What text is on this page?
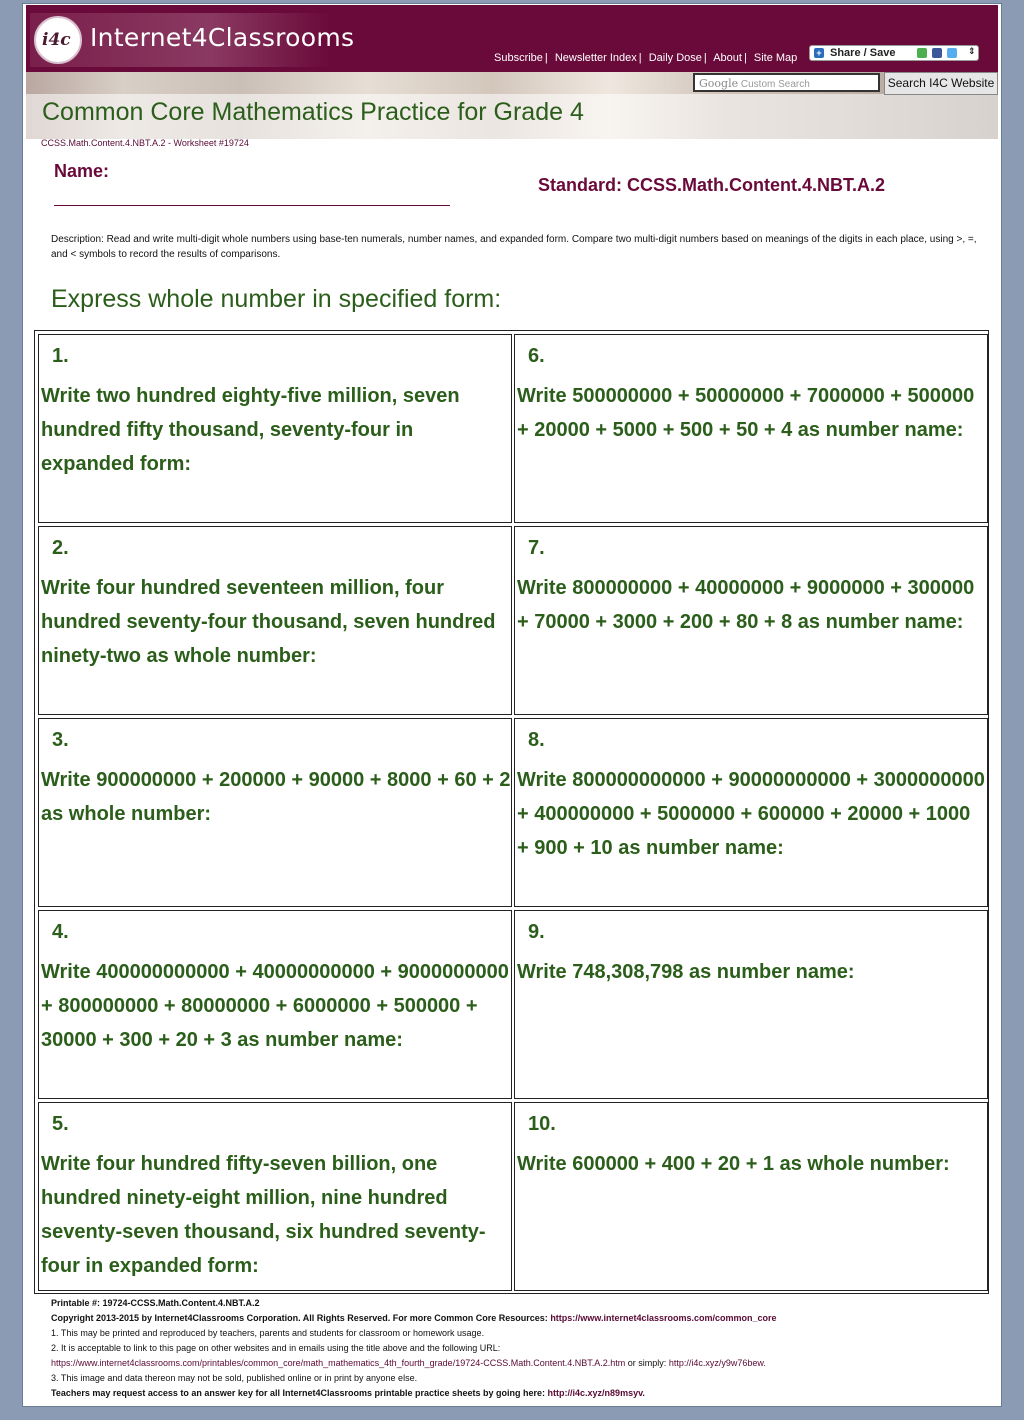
i4c Internet4Classrooms
Subscribe | Newsletter Index | Daily Dose | About | Site Map + Share / Save	⇕
Google Custom Search	Search I4C Website
Common Core Mathematics Practice for Grade 4
CCSS.Math.Content.4.NBT.A.2 - Worksheet #19724
Name:
Standard: CCSS.Math.Content.4.NBT.A.2
Description: Read and write multi-digit whole numbers using base-ten numerals, number names, and expanded form. Compare two multi-digit numbers based on meanings of the digits in each place, using >, =, and < symbols to record the results of comparisons.
Express whole number in specified form:
1.
Write two hundred eighty-five million, seven hundred fifty thousand, seventy-four in expanded form:
2.
Write four hundred seventeen million, four hundred seventy-four thousand, seven hundred ninety-two as whole number:
3.
Write 900000000 + 200000 + 90000 + 8000 + 60 + 2 as whole number:
4.
Write 400000000000 + 40000000000 + 9000000000 + 800000000 + 80000000 + 6000000 + 500000 + 30000 + 300 + 20 + 3 as number name:
5.
Write four hundred fifty-seven billion, one hundred ninety-eight million, nine hundred seventy-seven thousand, six hundred seventy-four in expanded form:
6.
Write 500000000 + 50000000 + 7000000 + 500000 + 20000 + 5000 + 500 + 50 + 4 as number name:
7.
Write 800000000 + 40000000 + 9000000 + 300000 + 70000 + 3000 + 200 + 80 + 8 as number name:
8.
Write 800000000000 + 90000000000 + 3000000000 + 400000000 + 5000000 + 600000 + 20000 + 1000 + 900 + 10 as number name:
9.
Write 748,308,798 as number name:
10.
Write 600000 + 400 + 20 + 1 as whole number:
Printable #: 19724-CCSS.Math.Content.4.NBT.A.2
Copyright 2013-2015 by Internet4Classrooms Corporation. All Rights Reserved. For more Common Core Resources: https://www.internet4classrooms.com/common_core
1. This may be printed and reproduced by teachers, parents and students for classroom or homework usage.
2. It is acceptable to link to this page on other websites and in emails using the title above and the following URL:
https://www.internet4classrooms.com/printables/common_core/math_mathematics_4th_fourth_grade/19724-CCSS.Math.Content.4.NBT.A.2.htm or simply: http://i4c.xyz/y9w76bew.
3. This image and data thereon may not be sold, published online or in print by anyone else.
Teachers may request access to an answer key for all Internet4Classrooms printable practice sheets by going here: http://i4c.xyz/n89msyv.
